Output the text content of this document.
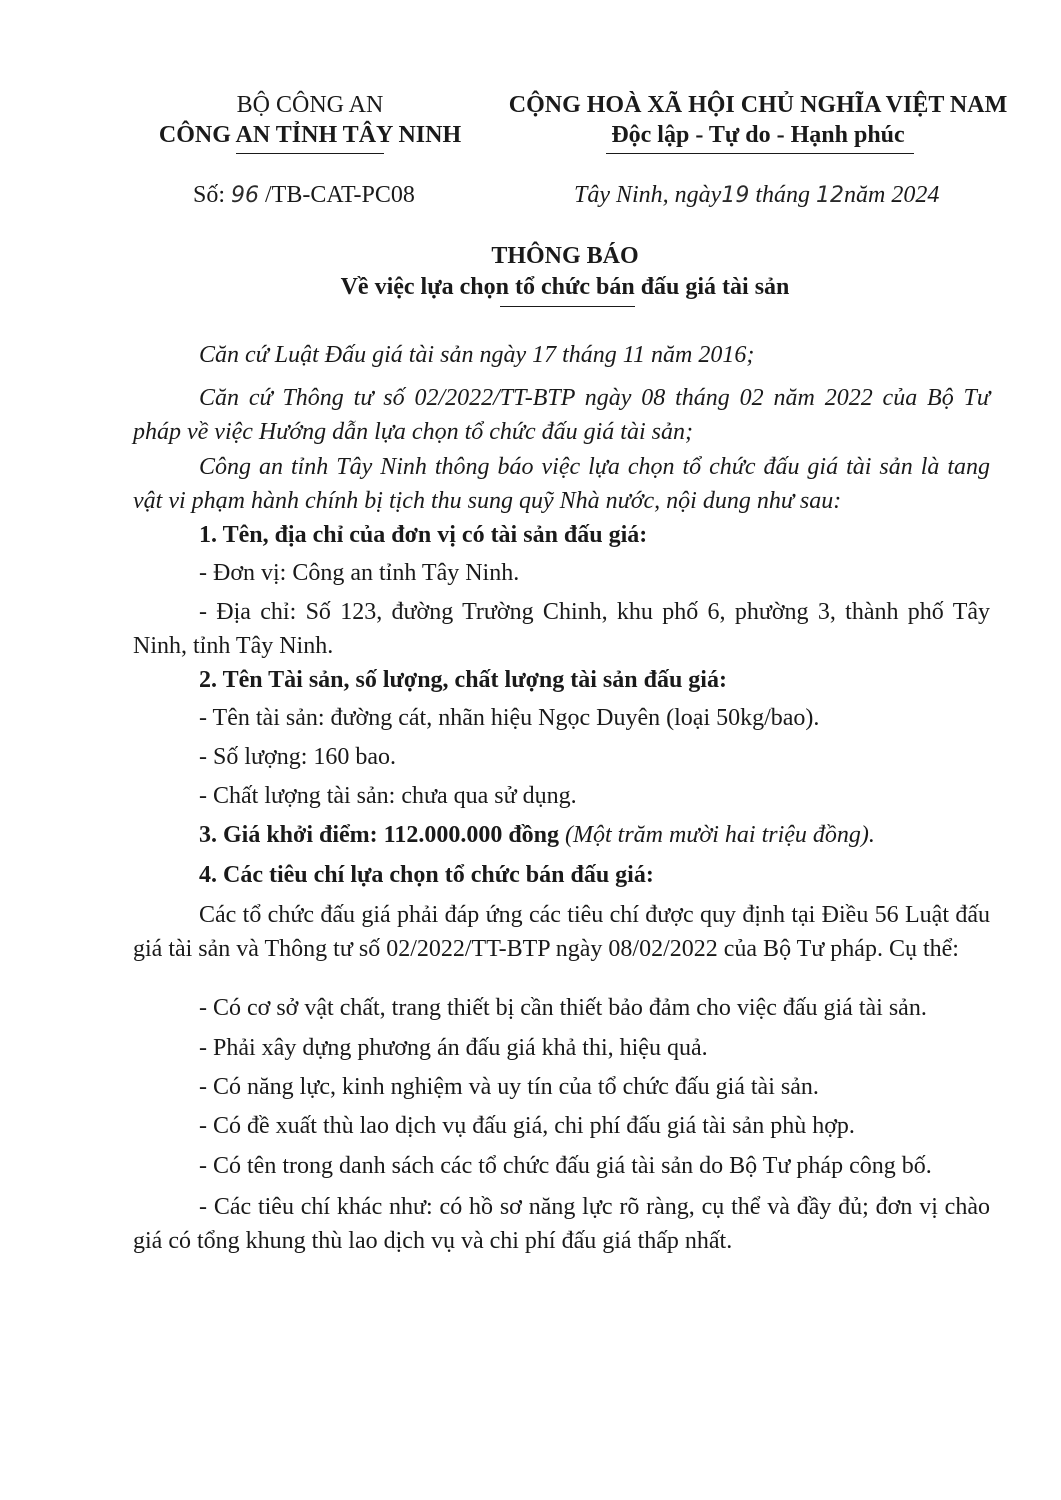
BỘ CÔNG AN
CÔNG AN TỈNH TÂY NINH
CỘNG HOÀ XÃ HỘI CHỦ NGHĨA VIỆT NAM
Độc lập - Tự do - Hạnh phúc
Số: 96 /TB-CAT-PC08	Tây Ninh, ngày19 tháng 12năm 2024
THÔNG BÁO
Về việc lựa chọn tổ chức bán đấu giá tài sản
Căn cứ Luật Đấu giá tài sản ngày 17 tháng 11 năm 2016;
Căn cứ Thông tư số 02/2022/TT-BTP ngày 08 tháng 02 năm 2022 của Bộ Tư pháp về việc Hướng dẫn lựa chọn tổ chức đấu giá tài sản;
Công an tỉnh Tây Ninh thông báo việc lựa chọn tổ chức đấu giá tài sản là tang vật vi phạm hành chính bị tịch thu sung quỹ Nhà nước, nội dung như sau:
1. Tên, địa chỉ của đơn vị có tài sản đấu giá:
- Đơn vị: Công an tỉnh Tây Ninh.
- Địa chỉ: Số 123, đường Trường Chinh, khu phố 6, phường 3, thành phố Tây Ninh, tỉnh Tây Ninh.
2. Tên Tài sản, số lượng, chất lượng tài sản đấu giá:
- Tên tài sản: đường cát, nhãn hiệu Ngọc Duyên (loại 50kg/bao).
- Số lượng: 160 bao.
- Chất lượng tài sản: chưa qua sử dụng.
3. Giá khởi điểm: 112.000.000 đồng (Một trăm mười hai triệu đồng).
4. Các tiêu chí lựa chọn tổ chức bán đấu giá:
Các tổ chức đấu giá phải đáp ứng các tiêu chí được quy định tại Điều 56 Luật đấu giá tài sản và Thông tư số 02/2022/TT-BTP ngày 08/02/2022 của Bộ Tư pháp. Cụ thể:
- Có cơ sở vật chất, trang thiết bị cần thiết bảo đảm cho việc đấu giá tài sản.
- Phải xây dựng phương án đấu giá khả thi, hiệu quả.
- Có năng lực, kinh nghiệm và uy tín của tổ chức đấu giá tài sản.
- Có đề xuất thù lao dịch vụ đấu giá, chi phí đấu giá tài sản phù hợp.
- Có tên trong danh sách các tổ chức đấu giá tài sản do Bộ Tư pháp công bố.
- Các tiêu chí khác như: có hồ sơ năng lực rõ ràng, cụ thể và đầy đủ; đơn vị chào giá có tổng khung thù lao dịch vụ và chi phí đấu giá thấp nhất.
